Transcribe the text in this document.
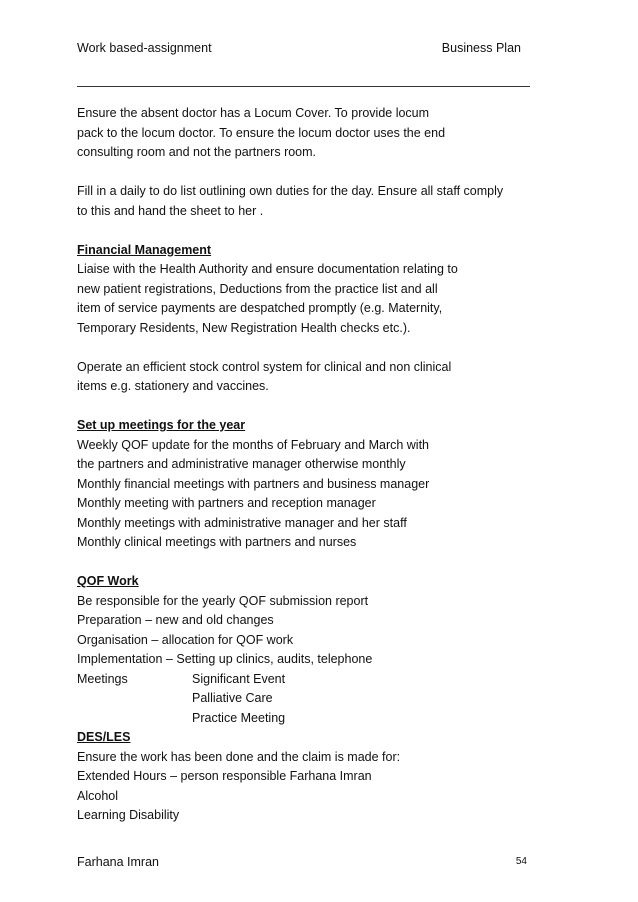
Work based-assignment	Business Plan
Ensure the absent doctor has a Locum Cover. To provide locum
pack to the locum doctor. To ensure the locum doctor uses the end
consulting room and not the partners room.
Fill in a daily to do list outlining own duties for the day. Ensure all staff comply
to this and hand the sheet to her .
Financial Management
Liaise with the Health Authority and ensure documentation relating to
new patient registrations, Deductions from the practice list and all
item of service payments are despatched promptly (e.g. Maternity,
Temporary Residents, New Registration Health checks etc.).
Operate an efficient stock control system for clinical and non clinical
items e.g. stationery and vaccines.
Set up meetings for the year
Weekly QOF update for the months of February and March with
the partners and administrative manager otherwise monthly
Monthly financial meetings with partners and business manager
Monthly meeting with partners and reception manager
Monthly meetings with administrative manager and her staff
Monthly clinical meetings with partners and nurses
QOF Work
Be responsible for the yearly QOF submission report
Preparation – new and old changes
Organisation – allocation for QOF work
Implementation – Setting up clinics, audits, telephone
Meetings	Significant Event
Palliative Care
Practice Meeting
DES/LES
Ensure the work has been done and the claim is made for:
Extended Hours – person responsible Farhana Imran
Alcohol
Learning Disability
Farhana Imran	54
